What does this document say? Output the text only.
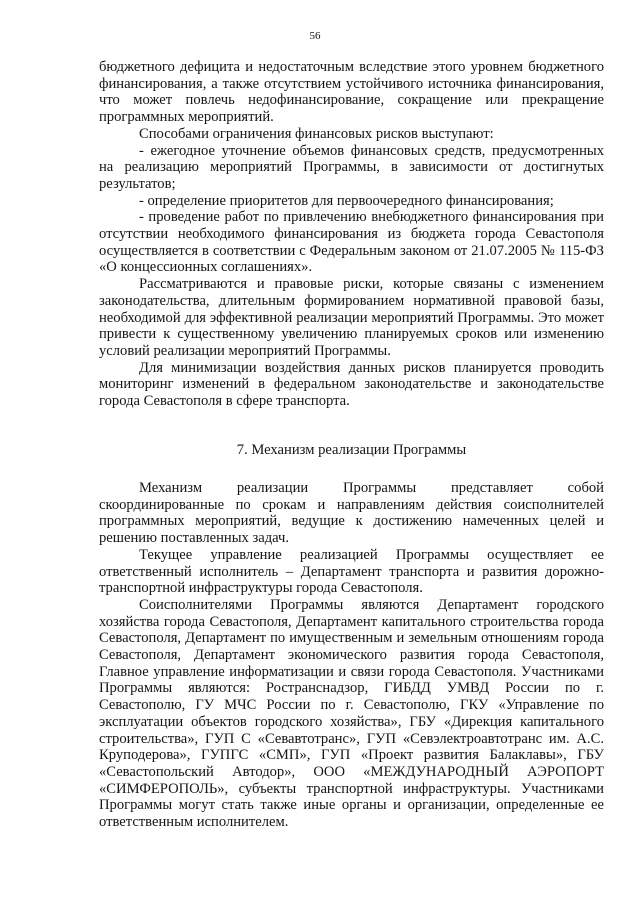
56

бюджетного дефицита и недостаточным вследствие этого уровнем бюджетного финансирования, а также отсутствием устойчивого источника финансирования, что может повлечь недофинансирование, сокращение или прекращение программных мероприятий.

Способами ограничения финансовых рисков выступают:

- ежегодное уточнение объемов финансовых средств, предусмотренных на реализацию мероприятий Программы, в зависимости от достигнутых результатов;

- определение приоритетов для первоочередного финансирования;

- проведение работ по привлечению внебюджетного финансирования при отсутствии необходимого финансирования из бюджета города Севастополя осуществляется в соответствии с Федеральным законом от 21.07.2005 № 115-ФЗ «О концессионных соглашениях».

Рассматриваются и правовые риски, которые связаны с изменением законодательства, длительным формированием нормативной правовой базы, необходимой для эффективной реализации мероприятий Программы. Это может привести к существенному увеличению планируемых сроков или изменению условий реализации мероприятий Программы.

Для минимизации воздействия данных рисков планируется проводить мониторинг изменений в федеральном законодательстве и законодательстве города Севастополя в сфере транспорта.

7. Механизм реализации Программы

Механизм реализации Программы представляет собой скоординированные по срокам и направлениям действия соисполнителей программных мероприятий, ведущие к достижению намеченных целей и решению поставленных задач.

Текущее управление реализацией Программы осуществляет ее ответственный исполнитель – Департамент транспорта и развития дорожно-транспортной инфраструктуры города Севастополя.

Соисполнителями Программы являются Департамент городского хозяйства города Севастополя, Департамент капитального строительства города Севастополя, Департамент по имущественным и земельным отношениям города Севастополя, Департамент экономического развития города Севастополя, Главное управление информатизации и связи города Севастополя. Участниками Программы являются: Ространснадзор, ГИБДД УМВД России по г. Севастополю, ГУ МЧС России по г. Севастополю, ГКУ «Управление по эксплуатации объектов городского хозяйства», ГБУ «Дирекция капитального строительства», ГУП С «Севавтотранс», ГУП «Севэлектроавтотранс им. А.С. Круподерова», ГУПГС «СМП», ГУП «Проект развития Балаклавы», ГБУ «Севастопольский Автодор», ООО «МЕЖДУНАРОДНЫЙ АЭРОПОРТ «СИМФЕРОПОЛЬ», субъекты транспортной инфраструктуры. Участниками Программы могут стать также иные органы и организации, определенные ее ответственным исполнителем.
